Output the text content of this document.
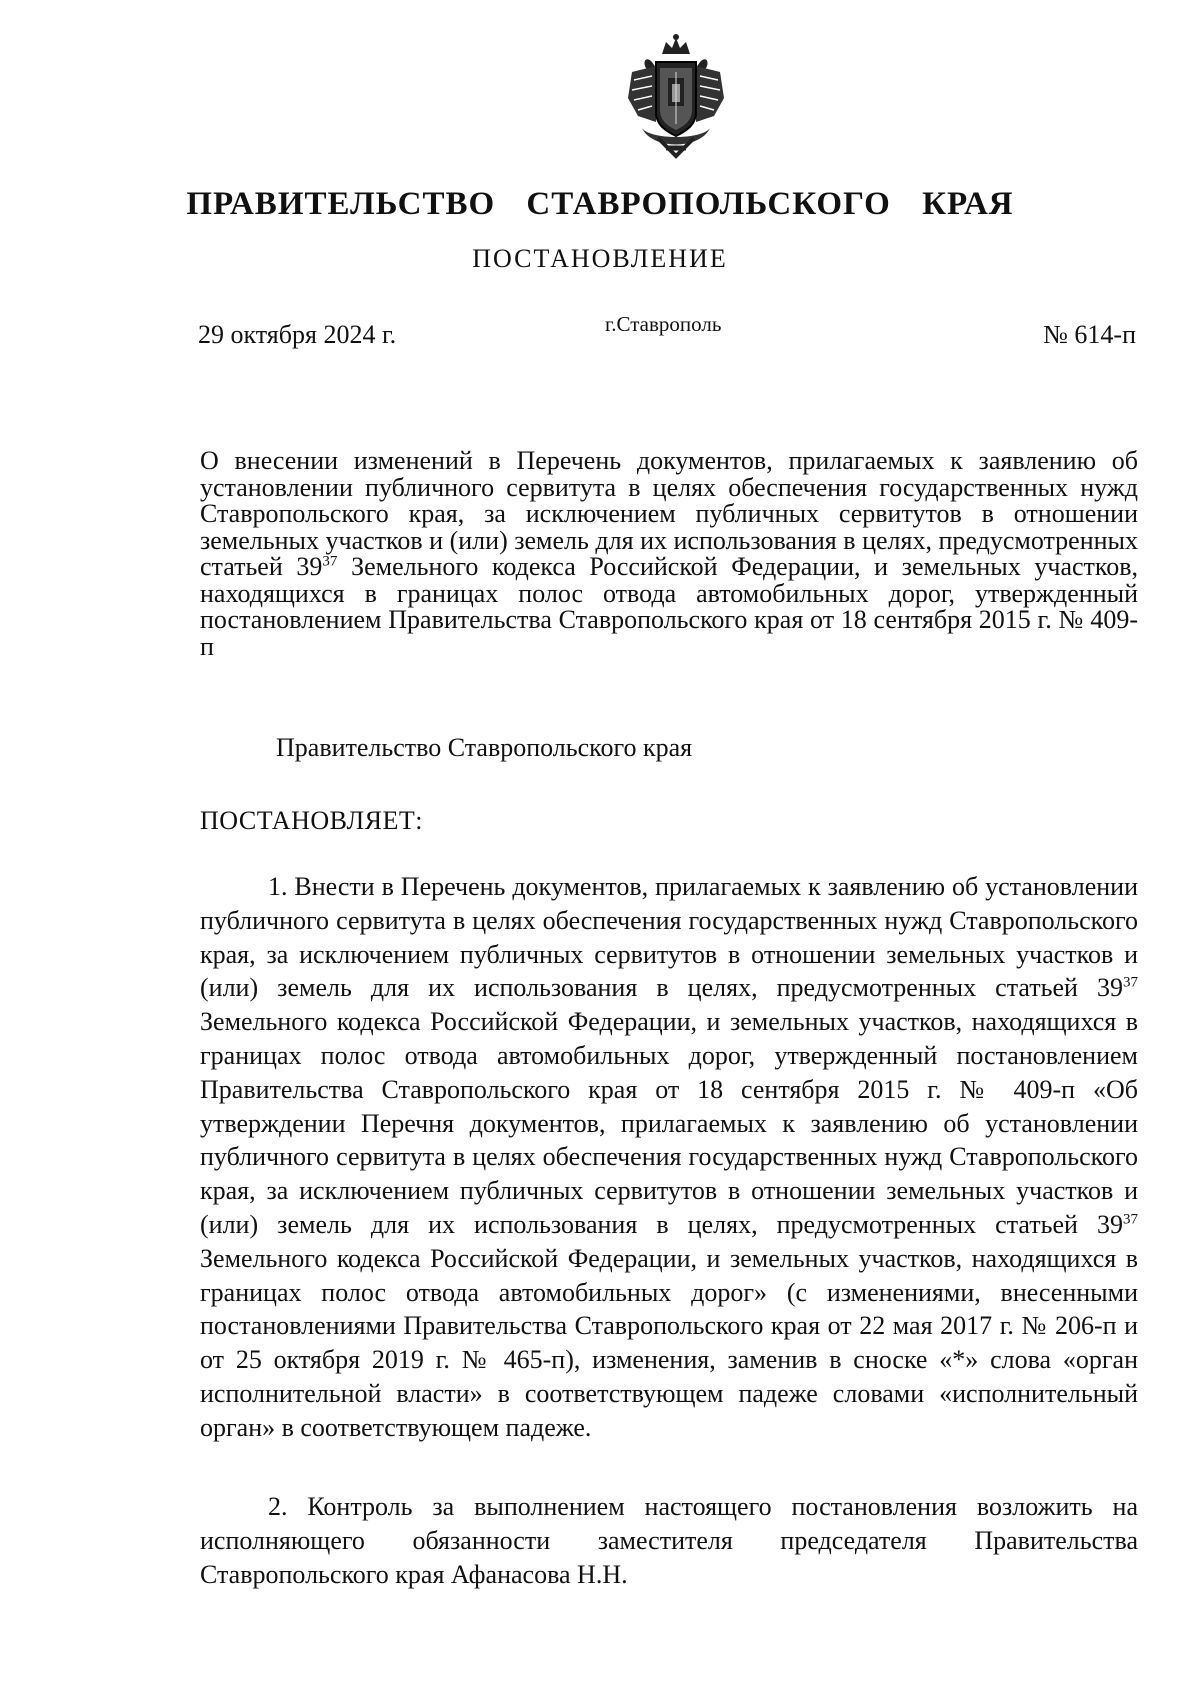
ПРАВИТЕЛЬСТВО СТАВРОПОЛЬСКОГО КРАЯ
ПОСТАНОВЛЕНИЕ
29 октября 2024 г.	г.Ставрополь	№ 614-п
О внесении изменений в Перечень документов, прилагаемых к заявлению об установлении публичного сервитута в целях обеспечения государственных нужд Ставропольского края, за исключением публичных сервитутов в отношении земельных участков и (или) земель для их использования в целях, предусмотренных статьей $39^{37}$ Земельного кодекса Российской Федерации, и земельных участков, находящихся в границах полос отвода автомобильных дорог, утвержденный постановлением Правительства Ставропольского края от 18 сентября 2015 г. № 409-п
Правительство Ставропольского края
ПОСТАНОВЛЯЕТ:
1. Внести в Перечень документов, прилагаемых к заявлению об установлении публичного сервитута в целях обеспечения государственных нужд Ставропольского края, за исключением публичных сервитутов в отношении земельных участков и (или) земель для их использования в целях, предусмотренных статьей $39^{37}$ Земельного кодекса Российской Федерации, и земельных участков, находящихся в границах полос отвода автомобильных дорог, утвержденный постановлением Правительства Ставропольского края от 18 сентября 2015 г. № 409-п «Об утверждении Перечня документов, прилагаемых к заявлению об установлении публичного сервитута в целях обеспечения государственных нужд Ставропольского края, за исключением публичных сервитутов в отношении земельных участков и (или) земель для их использования в целях, предусмотренных статьей $39^{37}$ Земельного кодекса Российской Федерации, и земельных участков, находящихся в границах полос отвода автомобильных дорог» (с изменениями, внесенными постановлениями Правительства Ставропольского края от 22 мая 2017 г. № 206-п и от 25 октября 2019 г. № 465-п), изменения, заменив в сноске «*» слова «орган исполнительной власти» в соответствующем падеже словами «исполнительный орган» в соответствующем падеже.
2. Контроль за выполнением настоящего постановления возложить на исполняющего обязанности заместителя председателя Правительства Ставропольского края Афанасова Н.Н.
